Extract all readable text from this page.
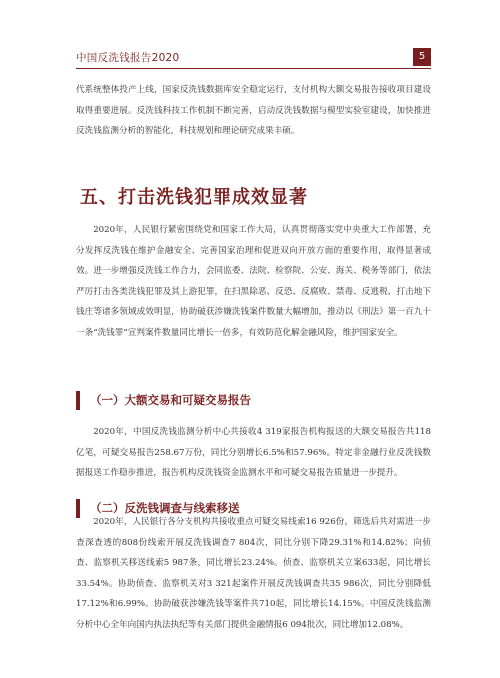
中国反洗钱报告2020	5

代系统整体投产上线，国家反洗钱数据库安全稳定运行，支付机构大额交易报告接收项目建设取得重要进展。反洗钱科技工作机制不断完善，启动反洗钱数据与模型实验室建设，加快推进反洗钱监测分析的智能化，科技规划和理论研究成果丰硕。

五、打击洗钱犯罪成效显著

2020年，人民银行紧密围绕党和国家工作大局，认真贯彻落实党中央重大工作部署，充分发挥反洗钱在维护金融安全、完善国家治理和促进双向开放方面的重要作用，取得显著成效。进一步增强反洗钱工作合力，会同监委、法院、检察院、公安、海关、税务等部门，依法严厉打击各类洗钱犯罪及其上游犯罪，在扫黑除恶、反恐、反腐败、禁毒、反逃税、打击地下钱庄等诸多领域成效明显，协助破获涉嫌洗钱案件数量大幅增加，推动以《刑法》第一百九十一条“洗钱罪”宣判案件数量同比增长一倍多，有效防范化解金融风险，维护国家安全。

（一）大额交易和可疑交易报告

2020年，中国反洗钱监测分析中心共接收4 319家报告机构报送的大额交易报告共118亿笔，可疑交易报告258.67万份，同比分别增长6.5%和57.96%。特定非金融行业反洗钱数据报送工作稳步推进，报告机构反洗钱资金监测水平和可疑交易报告质量进一步提升。

（二）反洗钱调查与线索移送

2020年，人民银行各分支机构共接收重点可疑交易线索16 926份，筛选后共对需进一步查深查透的808份线索开展反洗钱调查7 804次，同比分别下降29.31%和14.82%；向侦查、监察机关移送线索5 987条，同比增长23.24%。侦查、监察机关立案633起，同比增长33.54%。协助侦查、监察机关对3 321起案件开展反洗钱调查共35 986次，同比分别降低17.12%和6.99%。协助破获涉嫌洗钱等案件共710起，同比增长14.15%。中国反洗钱监测分析中心全年向国内执法执纪等有关部门提供金融情报6 094批次，同比增加12.08%。
